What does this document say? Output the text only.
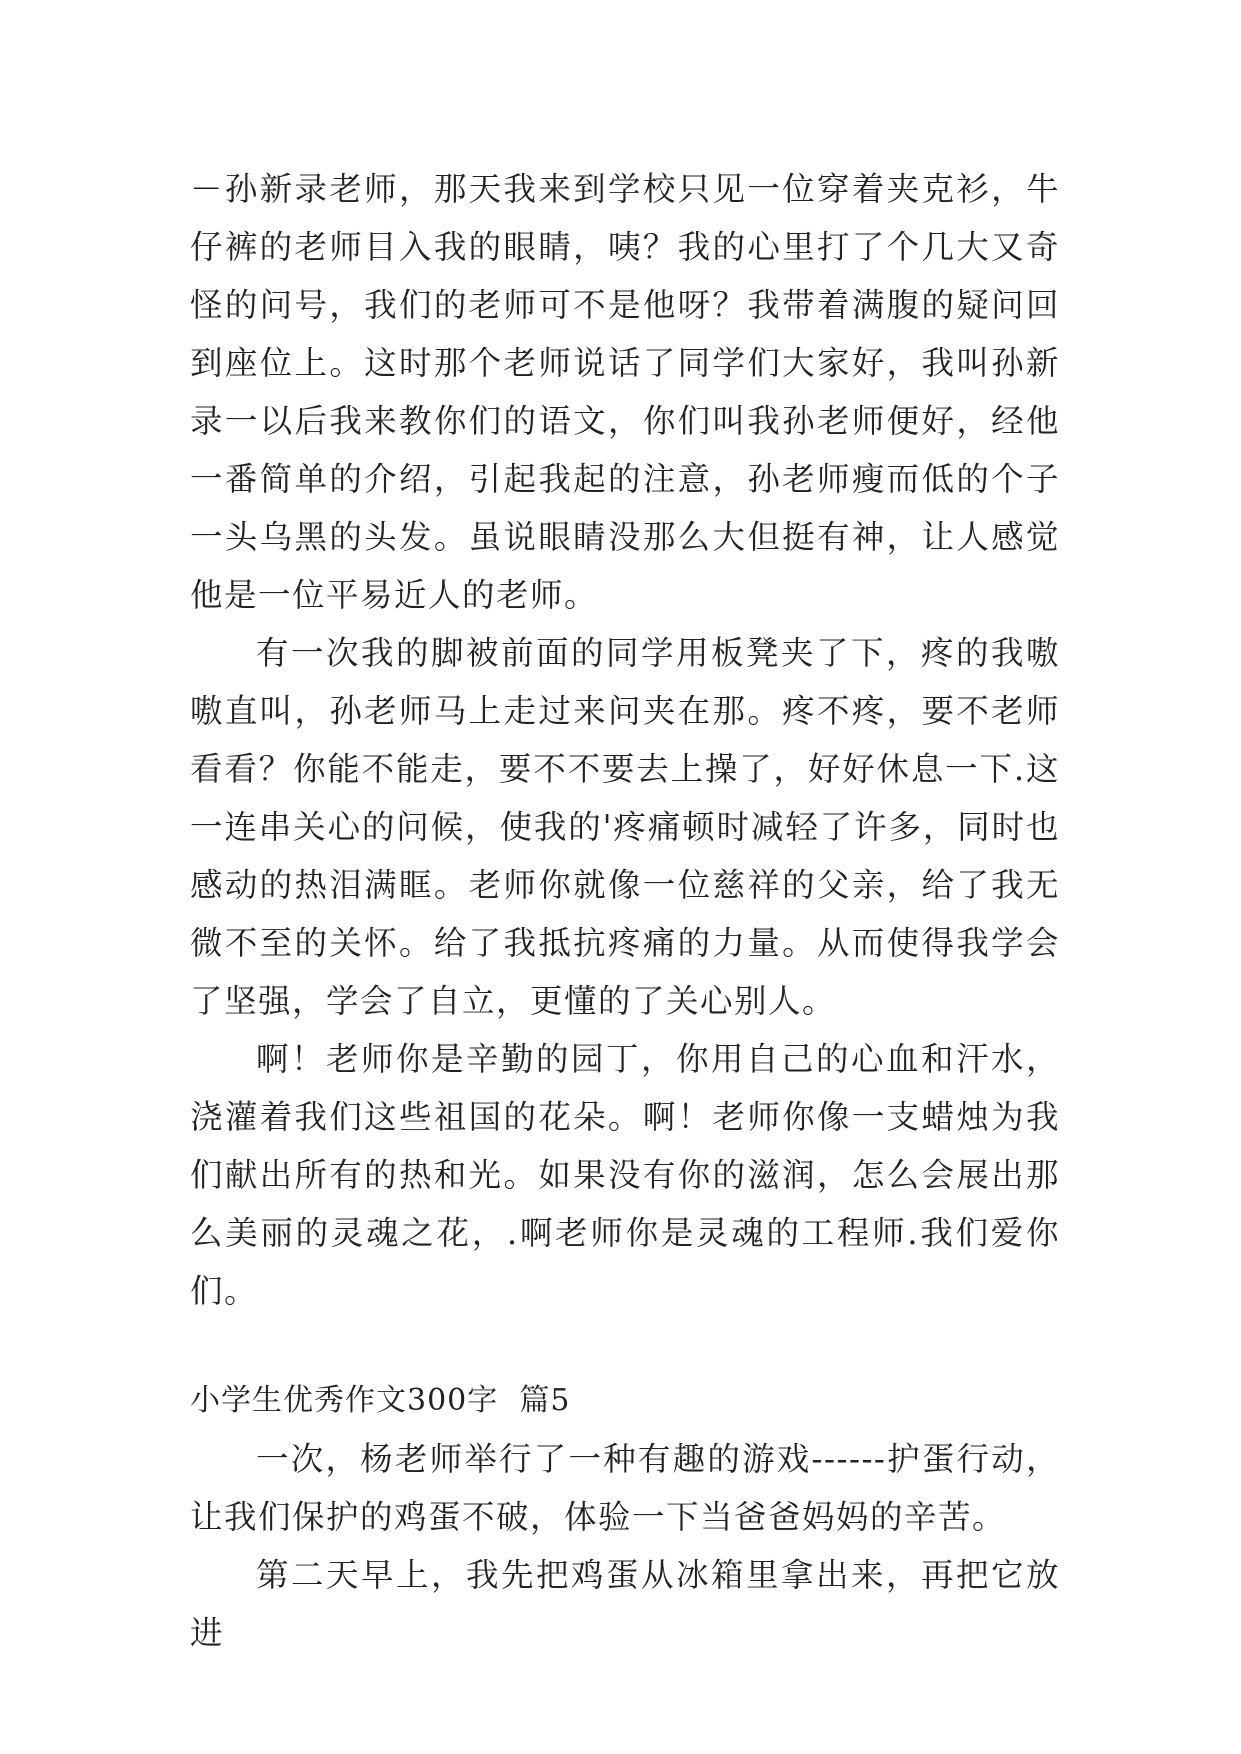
－孙新录老师，那天我来到学校只见一位穿着夹克衫，牛仔裤的老师目入我的眼睛，咦？我的心里打了个几大又奇怪的问号，我们的老师可不是他呀？我带着满腹的疑问回到座位上。这时那个老师说话了同学们大家好，我叫孙新录一以后我来教你们的语文，你们叫我孙老师便好，经他一番简单的介绍，引起我起的注意，孙老师瘦而低的个子一头乌黑的头发。虽说眼睛没那么大但挺有神，让人感觉他是一位平易近人的老师。

有一次我的脚被前面的同学用板凳夹了下，疼的我嗷嗷直叫，孙老师马上走过来问夹在那。疼不疼，要不老师看看？你能不能走，要不不要去上操了，好好休息一下.这一连串关心的问候，使我的'疼痛顿时减轻了许多，同时也感动的热泪满眶。老师你就像一位慈祥的父亲，给了我无微不至的关怀。给了我抵抗疼痛的力量。从而使得我学会了坚强，学会了自立，更懂的了关心别人。

啊！老师你是辛勤的园丁，你用自己的心血和汗水，浇灌着我们这些祖国的花朵。啊！老师你像一支蜡烛为我们献出所有的热和光。如果没有你的滋润，怎么会展出那么美丽的灵魂之花，.啊老师你是灵魂的工程师.我们爱你们。

小学生优秀作文300字  篇5

一次，杨老师举行了一种有趣的游戏------护蛋行动，让我们保护的鸡蛋不破，体验一下当爸爸妈妈的辛苦。

第二天早上，我先把鸡蛋从冰箱里拿出来，再把它放进
